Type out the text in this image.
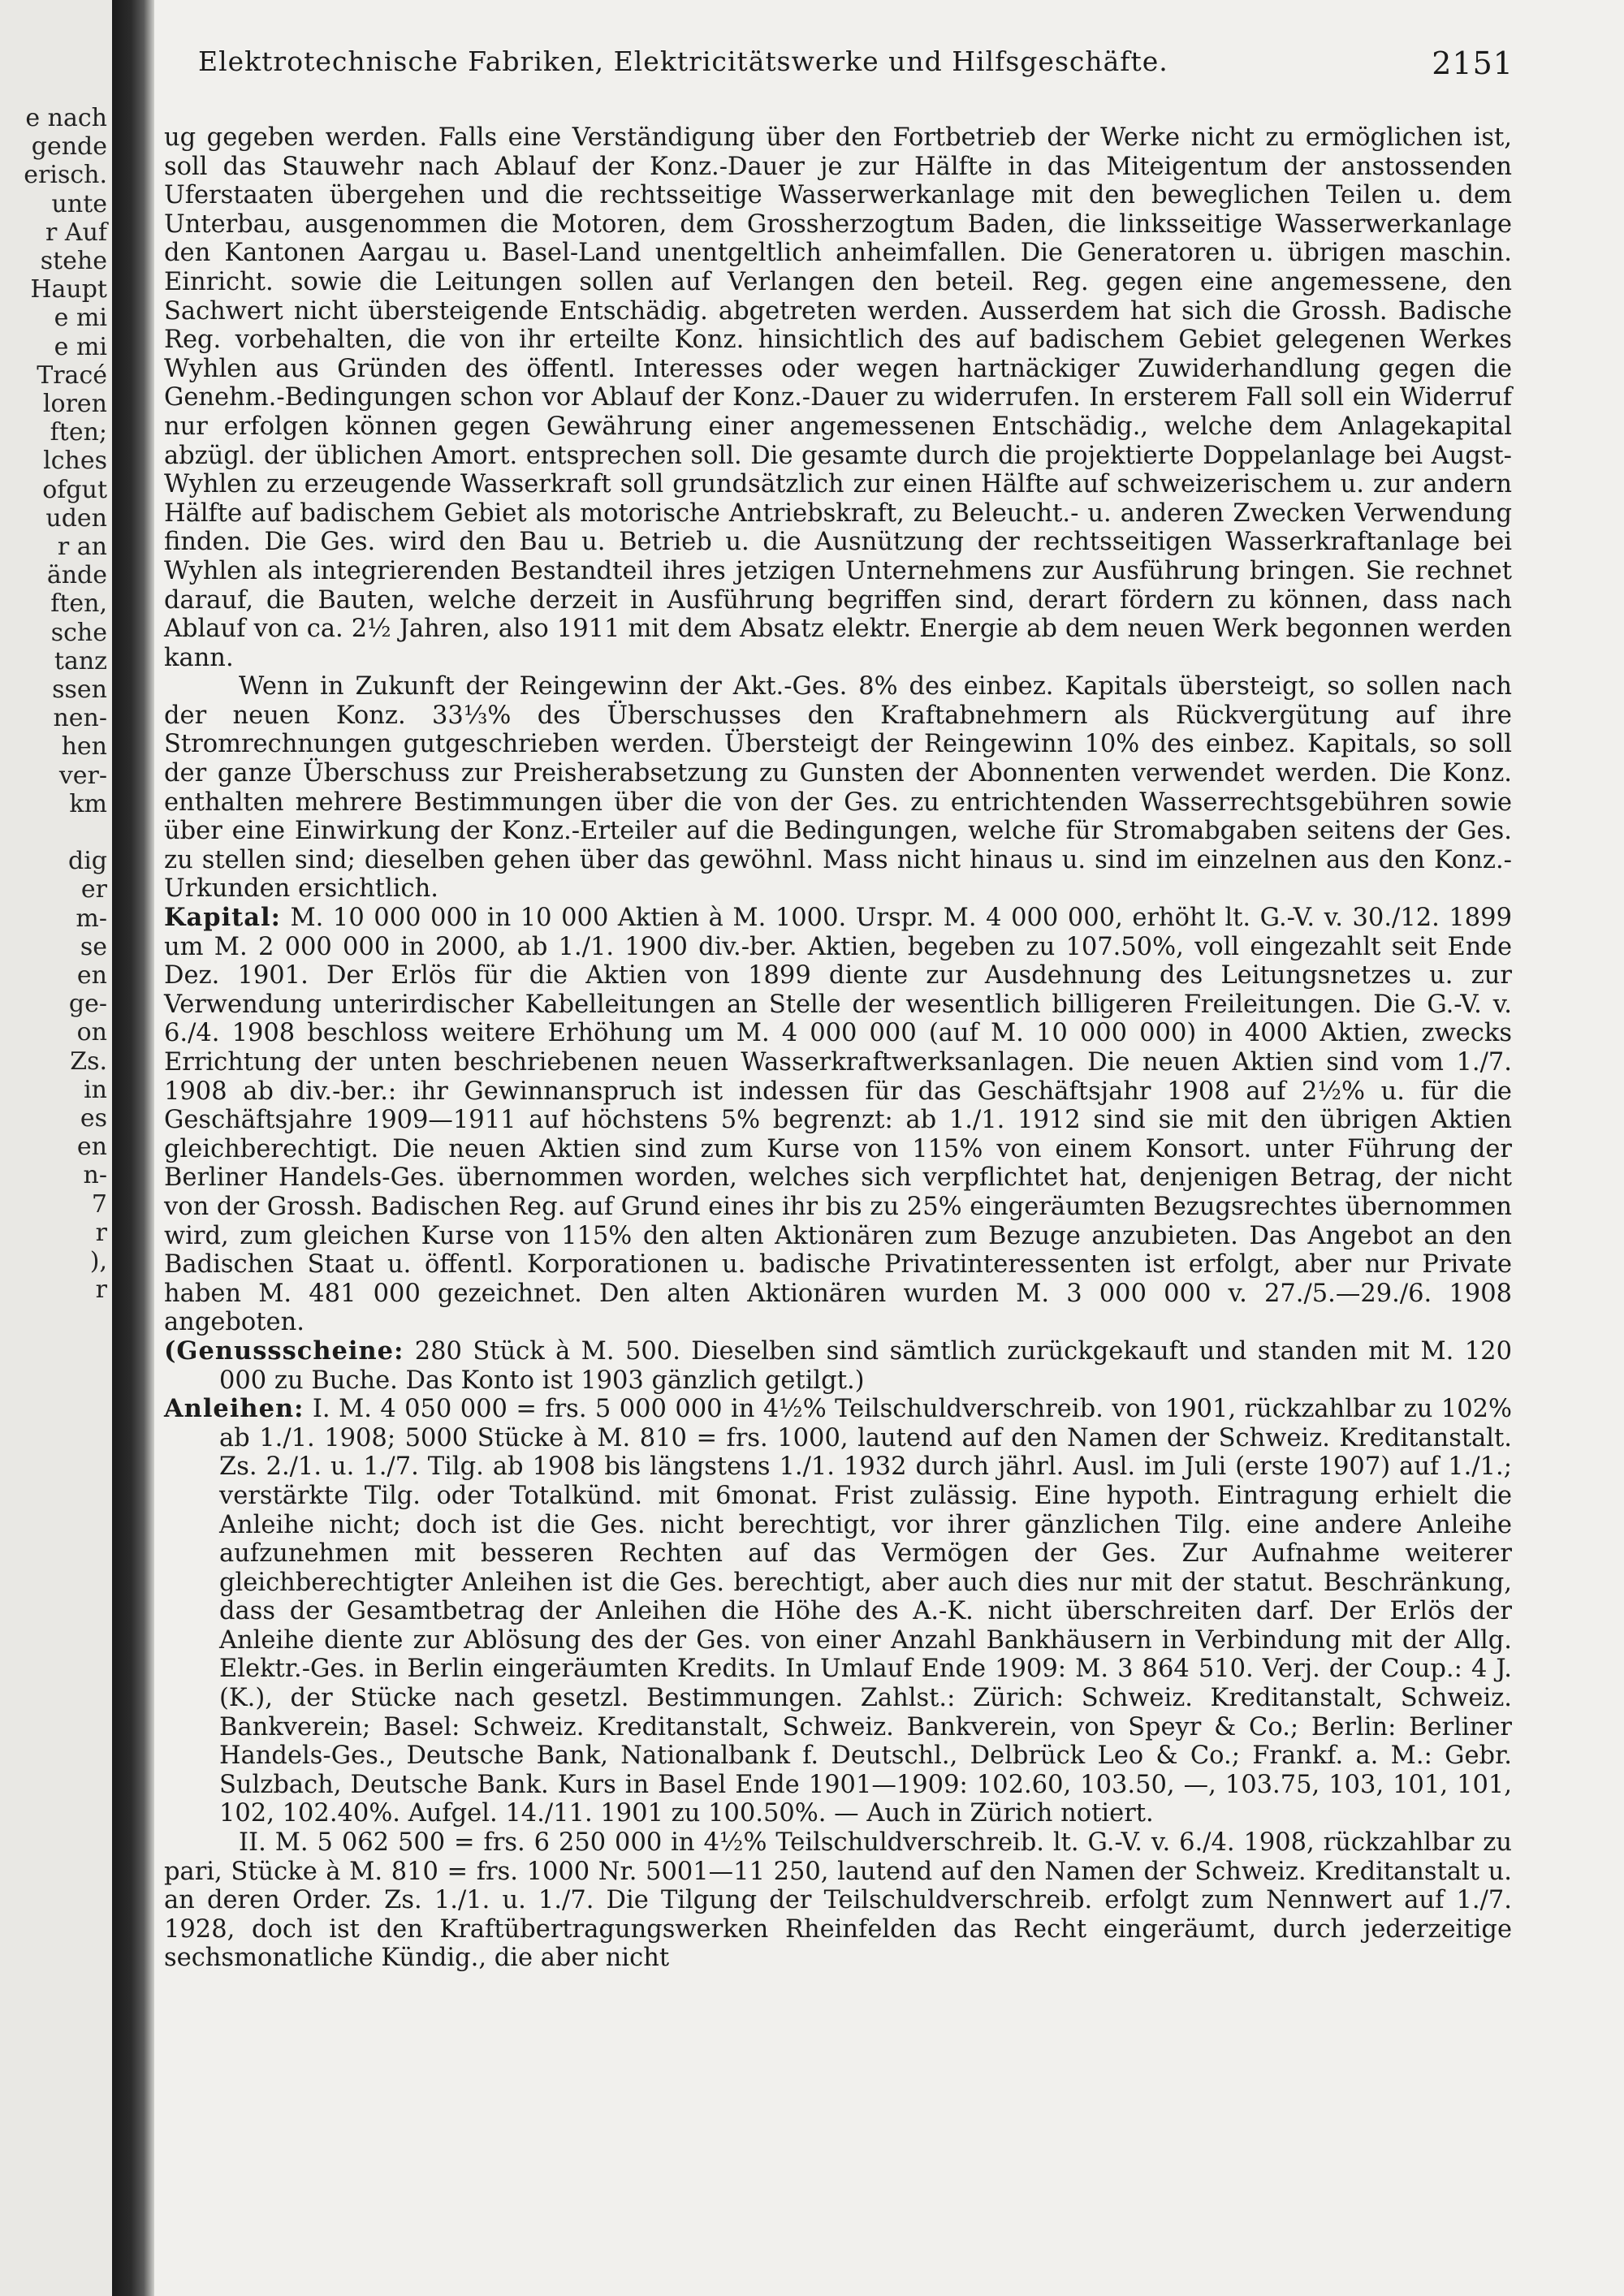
e nach
gende
erisch.
unte
r Auf
stehe
Haupt
e mi
e mi
Tracé
loren
ften;
lches
ofgut
uden
r an
ände
ften,
sche
tanz
ssen
nen-
hen
ver-
km
dig
er
m-
se
en
ge-
on
Zs.
in
es
en
n-
7
r
),
r
Elektrotechnische Fabriken, Elektricitätswerke und Hilfsgeschäfte.	2151

ug gegeben werden. Falls eine Verständigung über den Fortbetrieb der Werke nicht zu ermöglichen ist, soll das Stauwehr nach Ablauf der Konz.-Dauer je zur Hälfte in das Miteigentum der anstossenden Uferstaaten übergehen und die rechtsseitige Wasserwerkanlage mit den beweglichen Teilen u. dem Unterbau, ausgenommen die Motoren, dem Grossherzogtum Baden, die linksseitige Wasserwerkanlage den Kantonen Aargau u. Basel-Land unentgeltlich anheimfallen. Die Generatoren u. übrigen maschin. Einricht. sowie die Leitungen sollen auf Verlangen den beteil. Reg. gegen eine angemessene, den Sachwert nicht übersteigende Entschädig. abgetreten werden. Ausserdem hat sich die Grossh. Badische Reg. vorbehalten, die von ihr erteilte Konz. hinsichtlich des auf badischem Gebiet gelegenen Werkes Wyhlen aus Gründen des öffentl. Interesses oder wegen hartnäckiger Zuwiderhandlung gegen die Genehm.-Bedingungen schon vor Ablauf der Konz.-Dauer zu widerrufen. In ersterem Fall soll ein Widerruf nur erfolgen können gegen Gewährung einer angemessenen Entschädig., welche dem Anlagekapital abzügl. der üblichen Amort. entsprechen soll. Die gesamte durch die projektierte Doppelanlage bei Augst-Wyhlen zu erzeugende Wasserkraft soll grundsätzlich zur einen Hälfte auf schweizerischem u. zur andern Hälfte auf badischem Gebiet als motorische Antriebskraft, zu Beleucht.- u. anderen Zwecken Verwendung finden. Die Ges. wird den Bau u. Betrieb u. die Ausnützung der rechtsseitigen Wasserkraftanlage bei Wyhlen als integrierenden Bestandteil ihres jetzigen Unternehmens zur Ausführung bringen. Sie rechnet darauf, die Bauten, welche derzeit in Ausführung begriffen sind, derart fördern zu können, dass nach Ablauf von ca. 2½ Jahren, also 1911 mit dem Absatz elektr. Energie ab dem neuen Werk begonnen werden kann.

Wenn in Zukunft der Reingewinn der Akt.-Ges. 8% des einbez. Kapitals übersteigt, so sollen nach der neuen Konz. 33⅓% des Überschusses den Kraftabnehmern als Rückvergütung auf ihre Stromrechnungen gutgeschrieben werden. Übersteigt der Reingewinn 10% des einbez. Kapitals, so soll der ganze Überschuss zur Preisherabsetzung zu Gunsten der Abonnenten verwendet werden. Die Konz. enthalten mehrere Bestimmungen über die von der Ges. zu entrichtenden Wasserrechtsgebühren sowie über eine Einwirkung der Konz.-Erteiler auf die Bedingungen, welche für Stromabgaben seitens der Ges. zu stellen sind; dieselben gehen über das gewöhnl. Mass nicht hinaus u. sind im einzelnen aus den Konz.-Urkunden ersichtlich.

Kapital: M. 10 000 000 in 10 000 Aktien à M. 1000. Urspr. M. 4 000 000, erhöht lt. G.-V. v. 30./12. 1899 um M. 2 000 000 in 2000, ab 1./1. 1900 div.-ber. Aktien, begeben zu 107.50%, voll eingezahlt seit Ende Dez. 1901. Der Erlös für die Aktien von 1899 diente zur Ausdehnung des Leitungsnetzes u. zur Verwendung unterirdischer Kabelleitungen an Stelle der wesentlich billigeren Freileitungen. Die G.-V. v. 6./4. 1908 beschloss weitere Erhöhung um M. 4 000 000 (auf M. 10 000 000) in 4000 Aktien, zwecks Errichtung der unten beschriebenen neuen Wasserkraftwerksanlagen. Die neuen Aktien sind vom 1./7. 1908 ab div.-ber.: ihr Gewinnanspruch ist indessen für das Geschäftsjahr 1908 auf 2½% u. für die Geschäftsjahre 1909—1911 auf höchstens 5% begrenzt: ab 1./1. 1912 sind sie mit den übrigen Aktien gleichberechtigt. Die neuen Aktien sind zum Kurse von 115% von einem Konsort. unter Führung der Berliner Handels-Ges. übernommen worden, welches sich verpflichtet hat, denjenigen Betrag, der nicht von der Grossh. Badischen Reg. auf Grund eines ihr bis zu 25% eingeräumten Bezugsrechtes übernommen wird, zum gleichen Kurse von 115% den alten Aktionären zum Bezuge anzubieten. Das Angebot an den Badischen Staat u. öffentl. Korporationen u. badische Privatinteressenten ist erfolgt, aber nur Private haben M. 481 000 gezeichnet. Den alten Aktionären wurden M. 3 000 000 v. 27./5.—29./6. 1908 angeboten.

(Genussscheine: 280 Stück à M. 500. Dieselben sind sämtlich zurückgekauft und standen mit M. 120 000 zu Buche. Das Konto ist 1903 gänzlich getilgt.)

Anleihen: I. M. 4 050 000 = frs. 5 000 000 in 4½% Teilschuldverschreib. von 1901, rückzahlbar zu 102% ab 1./1. 1908; 5000 Stücke à M. 810 = frs. 1000, lautend auf den Namen der Schweiz. Kreditanstalt. Zs. 2./1. u. 1./7. Tilg. ab 1908 bis längstens 1./1. 1932 durch jährl. Ausl. im Juli (erste 1907) auf 1./1.; verstärkte Tilg. oder Totalkünd. mit 6monat. Frist zulässig. Eine hypoth. Eintragung erhielt die Anleihe nicht; doch ist die Ges. nicht berechtigt, vor ihrer gänzlichen Tilg. eine andere Anleihe aufzunehmen mit besseren Rechten auf das Vermögen der Ges. Zur Aufnahme weiterer gleichberechtigter Anleihen ist die Ges. berechtigt, aber auch dies nur mit der statut. Beschränkung, dass der Gesamtbetrag der Anleihen die Höhe des A.-K. nicht überschreiten darf. Der Erlös der Anleihe diente zur Ablösung des der Ges. von einer Anzahl Bankhäusern in Verbindung mit der Allg. Elektr.-Ges. in Berlin eingeräumten Kredits. In Umlauf Ende 1909: M. 3 864 510. Verj. der Coup.: 4 J. (K.), der Stücke nach gesetzl. Bestimmungen. Zahlst.: Zürich: Schweiz. Kreditanstalt, Schweiz. Bankverein; Basel: Schweiz. Kreditanstalt, Schweiz. Bankverein, von Speyr & Co.; Berlin: Berliner Handels-Ges., Deutsche Bank, Nationalbank f. Deutschl., Delbrück Leo & Co.; Frankf. a. M.: Gebr. Sulzbach, Deutsche Bank. Kurs in Basel Ende 1901—1909: 102.60, 103.50, —, 103.75, 103, 101, 101, 102, 102.40%. Aufgel. 14./11. 1901 zu 100.50%. — Auch in Zürich notiert.

II. M. 5 062 500 = frs. 6 250 000 in 4½% Teilschuldverschreib. lt. G.-V. v. 6./4. 1908, rückzahlbar zu pari, Stücke à M. 810 = frs. 1000 Nr. 5001—11 250, lautend auf den Namen der Schweiz. Kreditanstalt u. an deren Order. Zs. 1./1. u. 1./7. Die Tilgung der Teilschuldverschreib. erfolgt zum Nennwert auf 1./7. 1928, doch ist den Kraftübertragungswerken Rheinfelden das Recht eingeräumt, durch jederzeitige sechsmonatliche Kündig., die aber nicht
